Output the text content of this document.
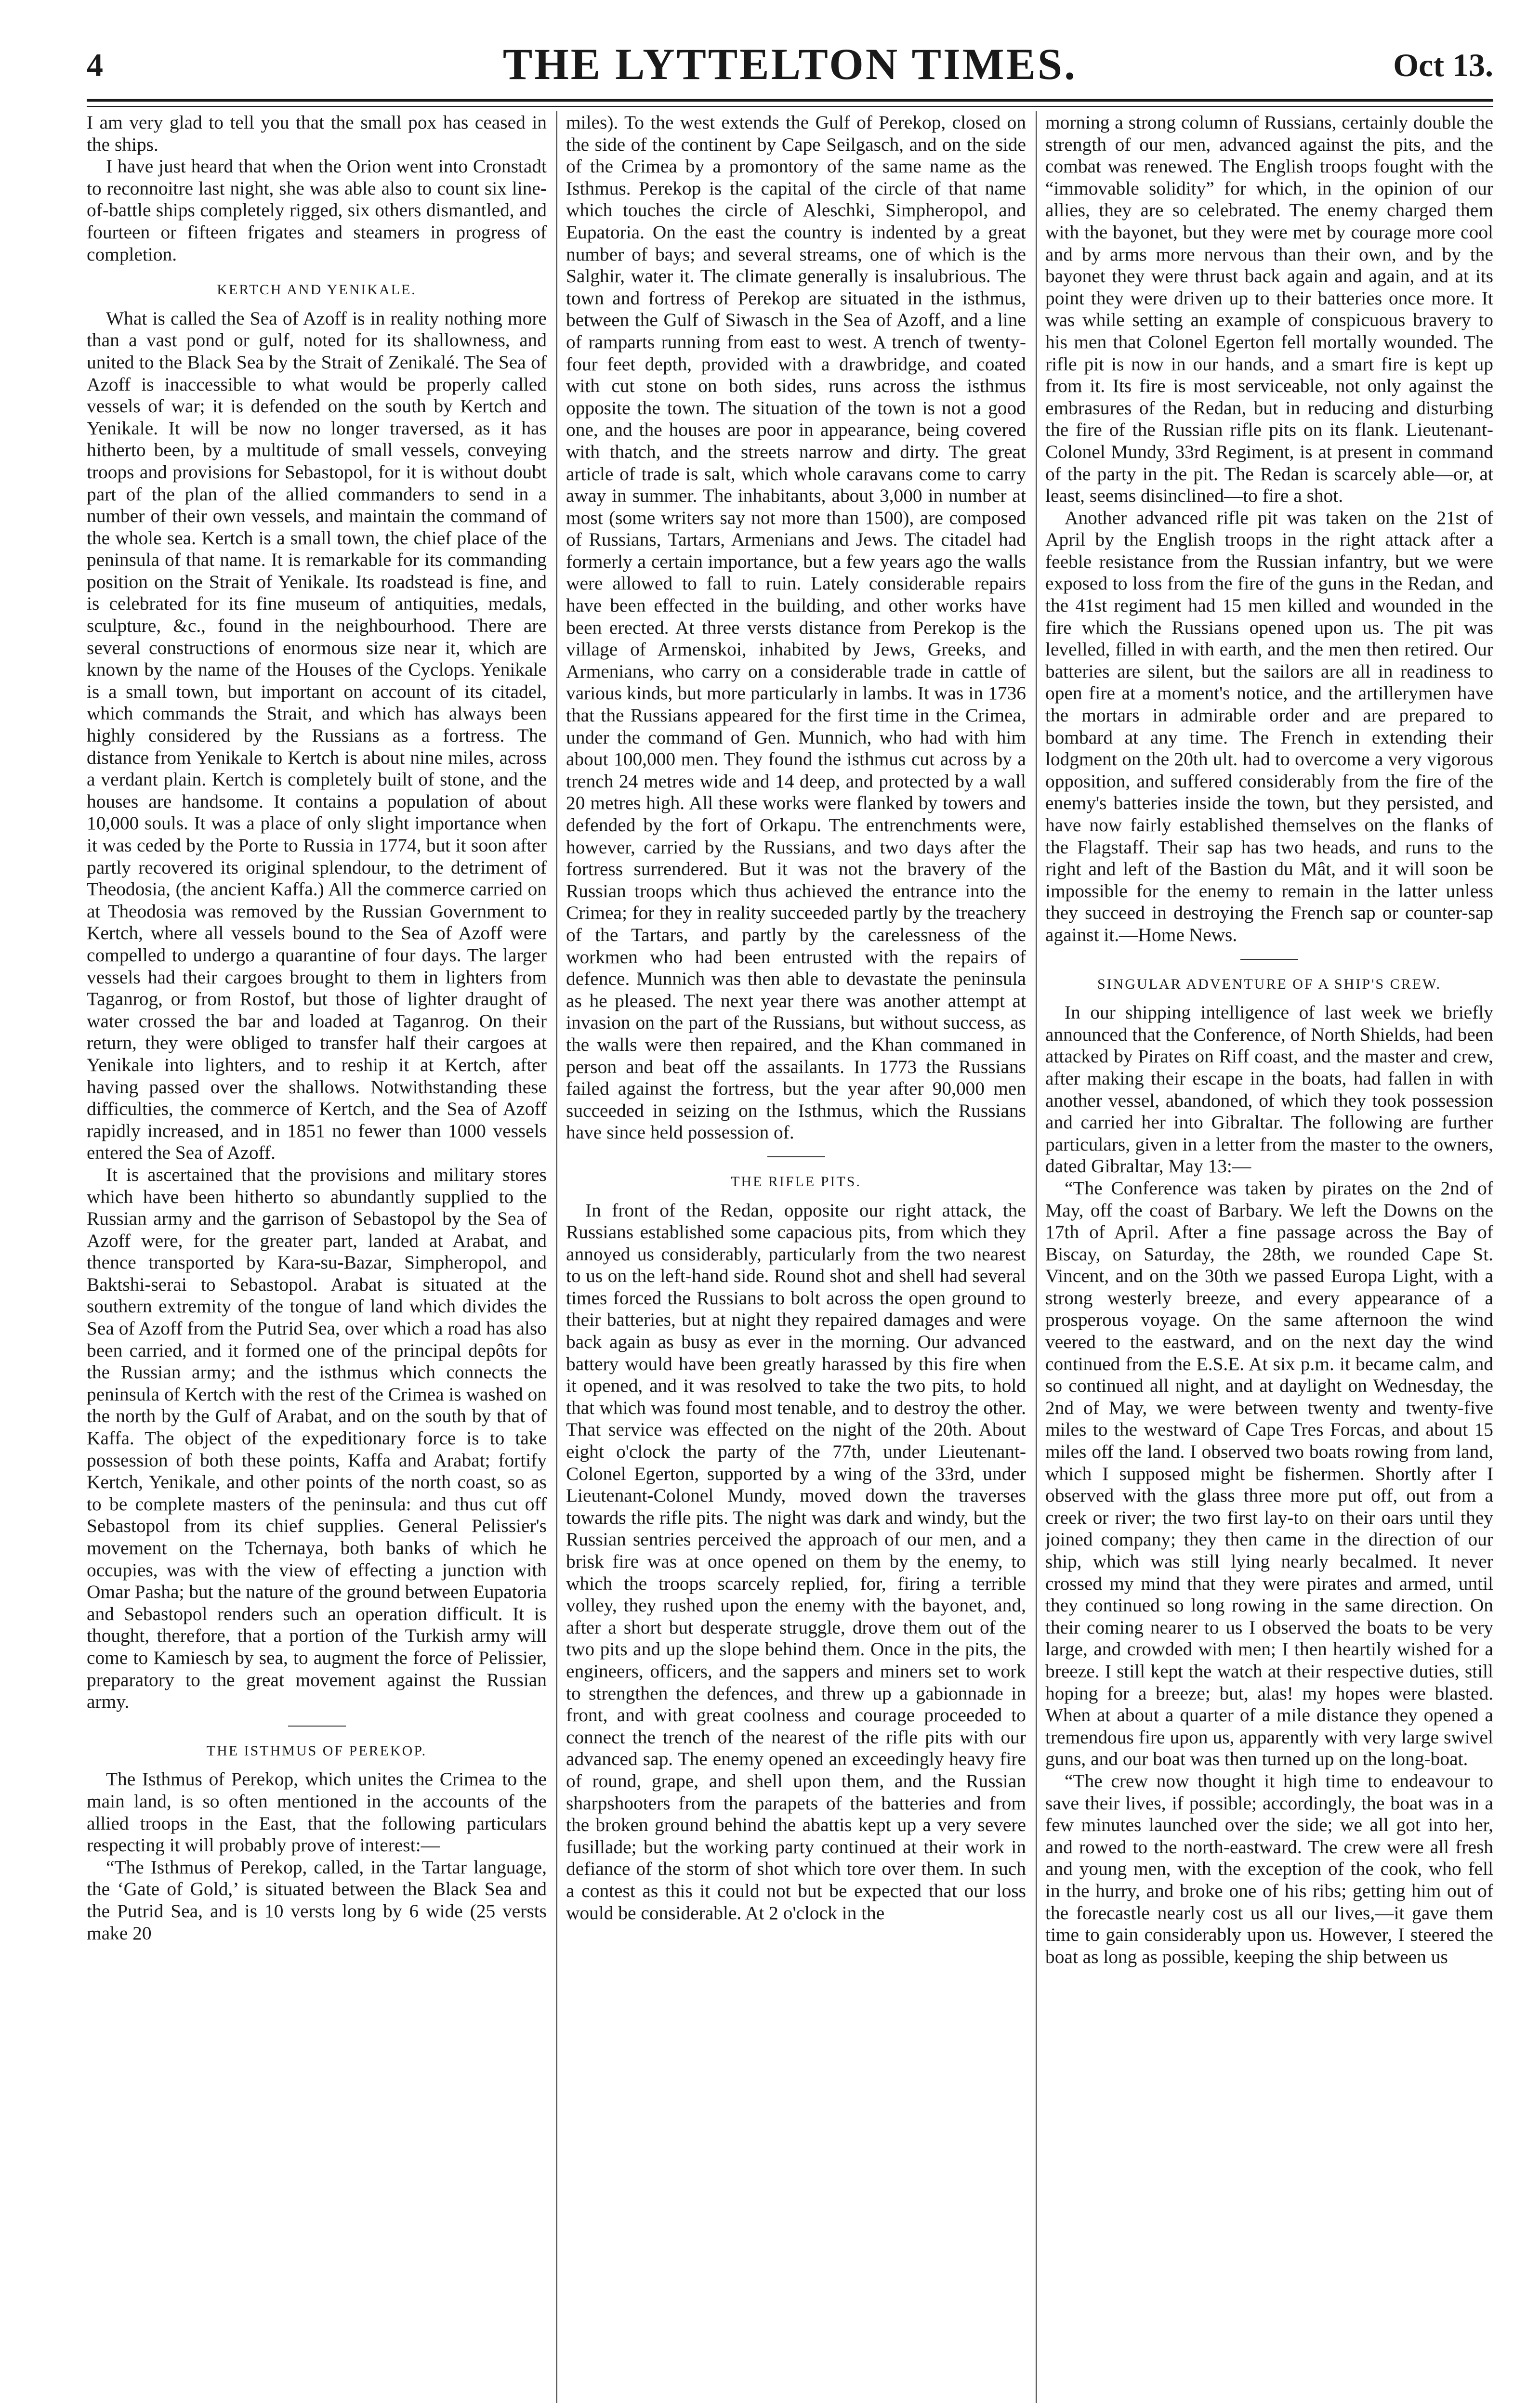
4	THE LYTTELTON TIMES.	Oct 13.

I am very glad to tell you that the small pox has ceased in the ships.

I have just heard that when the Orion went into Cronstadt to reconnoitre last night, she was able also to count six line-of-battle ships completely rigged, six others dismantled, and fourteen or fifteen frigates and steamers in progress of completion.

KERTCH AND YENIKALE.

What is called the Sea of Azoff is in reality nothing more than a vast pond or gulf, noted for its shallowness, and united to the Black Sea by the Strait of Zenikalé. The Sea of Azoff is inaccessible to what would be properly called vessels of war; it is defended on the south by Kertch and Yenikale. It will be now no longer traversed, as it has hitherto been, by a multitude of small vessels, conveying troops and provisions for Sebastopol, for it is without doubt part of the plan of the allied commanders to send in a number of their own vessels, and maintain the command of the whole sea. Kertch is a small town, the chief place of the peninsula of that name. It is remarkable for its commanding position on the Strait of Yenikale. Its roadstead is fine, and is celebrated for its fine museum of antiquities, medals, sculpture, &c., found in the neighbourhood. There are several constructions of enormous size near it, which are known by the name of the Houses of the Cyclops. Yenikale is a small town, but important on account of its citadel, which commands the Strait, and which has always been highly considered by the Russians as a fortress. The distance from Yenikale to Kertch is about nine miles, across a verdant plain. Kertch is completely built of stone, and the houses are handsome. It contains a population of about 10,000 souls. It was a place of only slight importance when it was ceded by the Porte to Russia in 1774, but it soon after partly recovered its original splendour, to the detriment of Theodosia, (the ancient Kaffa.) All the commerce carried on at Theodosia was removed by the Russian Government to Kertch, where all vessels bound to the Sea of Azoff were compelled to undergo a quarantine of four days. The larger vessels had their cargoes brought to them in lighters from Taganrog, or from Rostof, but those of lighter draught of water crossed the bar and loaded at Taganrog. On their return, they were obliged to transfer half their cargoes at Yenikale into lighters, and to reship it at Kertch, after having passed over the shallows. Notwithstanding these difficulties, the commerce of Kertch, and the Sea of Azoff rapidly increased, and in 1851 no fewer than 1000 vessels entered the Sea of Azoff.

It is ascertained that the provisions and military stores which have been hitherto so abundantly supplied to the Russian army and the garrison of Sebastopol by the Sea of Azoff were, for the greater part, landed at Arabat, and thence transported by Kara-su-Bazar, Simpheropol, and Baktshi-serai to Sebastopol. Arabat is situated at the southern extremity of the tongue of land which divides the Sea of Azoff from the Putrid Sea, over which a road has also been carried, and it formed one of the principal depôts for the Russian army; and the isthmus which connects the peninsula of Kertch with the rest of the Crimea is washed on the north by the Gulf of Arabat, and on the south by that of Kaffa. The object of the expeditionary force is to take possession of both these points, Kaffa and Arabat; fortify Kertch, Yenikale, and other points of the north coast, so as to be complete masters of the peninsula: and thus cut off Sebastopol from its chief supplies. General Pelissier's movement on the Tchernaya, both banks of which he occupies, was with the view of effecting a junction with Omar Pasha; but the nature of the ground between Eupatoria and Sebastopol renders such an operation difficult. It is thought, therefore, that a portion of the Turkish army will come to Kamiesch by sea, to augment the force of Pelissier, preparatory to the great movement against the Russian army.

THE ISTHMUS OF PEREKOP.

The Isthmus of Perekop, which unites the Crimea to the main land, is so often mentioned in the accounts of the allied troops in the East, that the following particulars respecting it will probably prove of interest:—

“The Isthmus of Perekop, called, in the Tartar language, the ‘Gate of Gold,’ is situated between the Black Sea and the Putrid Sea, and is 10 versts long by 6 wide (25 versts make 20

miles). To the west extends the Gulf of Perekop, closed on the side of the continent by Cape Seilgasch, and on the side of the Crimea by a promontory of the same name as the Isthmus. Perekop is the capital of the circle of that name which touches the circle of Aleschki, Simpheropol, and Eupatoria. On the east the country is indented by a great number of bays; and several streams, one of which is the Salghir, water it. The climate generally is insalubrious. The town and fortress of Perekop are situated in the isthmus, between the Gulf of Siwasch in the Sea of Azoff, and a line of ramparts running from east to west. A trench of twenty-four feet depth, provided with a drawbridge, and coated with cut stone on both sides, runs across the isthmus opposite the town. The situation of the town is not a good one, and the houses are poor in appearance, being covered with thatch, and the streets narrow and dirty. The great article of trade is salt, which whole caravans come to carry away in summer. The inhabitants, about 3,000 in number at most (some writers say not more than 1500), are composed of Russians, Tartars, Armenians and Jews. The citadel had formerly a certain importance, but a few years ago the walls were allowed to fall to ruin. Lately considerable repairs have been effected in the building, and other works have been erected. At three versts distance from Perekop is the village of Armenskoi, inhabited by Jews, Greeks, and Armenians, who carry on a considerable trade in cattle of various kinds, but more particularly in lambs. It was in 1736 that the Russians appeared for the first time in the Crimea, under the command of Gen. Munnich, who had with him about 100,000 men. They found the isthmus cut across by a trench 24 metres wide and 14 deep, and protected by a wall 20 metres high. All these works were flanked by towers and defended by the fort of Orkapu. The entrenchments were, however, carried by the Russians, and two days after the fortress surrendered. But it was not the bravery of the Russian troops which thus achieved the entrance into the Crimea; for they in reality succeeded partly by the treachery of the Tartars, and partly by the carelessness of the workmen who had been entrusted with the repairs of defence. Munnich was then able to devastate the peninsula as he pleased. The next year there was another attempt at invasion on the part of the Russians, but without success, as the walls were then repaired, and the Khan commaned in person and beat off the assailants. In 1773 the Russians failed against the fortress, but the year after 90,000 men succeeded in seizing on the Isthmus, which the Russians have since held possession of.

THE RIFLE PITS.

In front of the Redan, opposite our right attack, the Russians established some capacious pits, from which they annoyed us considerably, particularly from the two nearest to us on the left-hand side. Round shot and shell had several times forced the Russians to bolt across the open ground to their batteries, but at night they repaired damages and were back again as busy as ever in the morning. Our advanced battery would have been greatly harassed by this fire when it opened, and it was resolved to take the two pits, to hold that which was found most tenable, and to destroy the other. That service was effected on the night of the 20th. About eight o'clock the party of the 77th, under Lieutenant-Colonel Egerton, supported by a wing of the 33rd, under Lieutenant-Colonel Mundy, moved down the traverses towards the rifle pits. The night was dark and windy, but the Russian sentries perceived the approach of our men, and a brisk fire was at once opened on them by the enemy, to which the troops scarcely replied, for, firing a terrible volley, they rushed upon the enemy with the bayonet, and, after a short but desperate struggle, drove them out of the two pits and up the slope behind them. Once in the pits, the engineers, officers, and the sappers and miners set to work to strengthen the defences, and threw up a gabionnade in front, and with great coolness and courage proceeded to connect the trench of the nearest of the rifle pits with our advanced sap. The enemy opened an exceedingly heavy fire of round, grape, and shell upon them, and the Russian sharpshooters from the parapets of the batteries and from the broken ground behind the abattis kept up a very severe fusillade; but the working party continued at their work in defiance of the storm of shot which tore over them. In such a contest as this it could not but be expected that our loss would be considerable. At 2 o'clock in the

morning a strong column of Russians, certainly double the strength of our men, advanced against the pits, and the combat was renewed. The English troops fought with the “immovable solidity” for which, in the opinion of our allies, they are so celebrated. The enemy charged them with the bayonet, but they were met by courage more cool and by arms more nervous than their own, and by the bayonet they were thrust back again and again, and at its point they were driven up to their batteries once more. It was while setting an example of conspicuous bravery to his men that Colonel Egerton fell mortally wounded. The rifle pit is now in our hands, and a smart fire is kept up from it. Its fire is most serviceable, not only against the embrasures of the Redan, but in reducing and disturbing the fire of the Russian rifle pits on its flank. Lieutenant-Colonel Mundy, 33rd Regiment, is at present in command of the party in the pit. The Redan is scarcely able—or, at least, seems disinclined—to fire a shot.

Another advanced rifle pit was taken on the 21st of April by the English troops in the right attack after a feeble resistance from the Russian infantry, but we were exposed to loss from the fire of the guns in the Redan, and the 41st regiment had 15 men killed and wounded in the fire which the Russians opened upon us. The pit was levelled, filled in with earth, and the men then retired. Our batteries are silent, but the sailors are all in readiness to open fire at a moment's notice, and the artillerymen have the mortars in admirable order and are prepared to bombard at any time. The French in extending their lodgment on the 20th ult. had to overcome a very vigorous opposition, and suffered considerably from the fire of the enemy's batteries inside the town, but they persisted, and have now fairly established themselves on the flanks of the Flagstaff. Their sap has two heads, and runs to the right and left of the Bastion du Mât, and it will soon be impossible for the enemy to remain in the latter unless they succeed in destroying the French sap or counter-sap against it.—Home News.

SINGULAR ADVENTURE OF A SHIP'S CREW.

In our shipping intelligence of last week we briefly announced that the Conference, of North Shields, had been attacked by Pirates on Riff coast, and the master and crew, after making their escape in the boats, had fallen in with another vessel, abandoned, of which they took possession and carried her into Gibraltar. The following are further particulars, given in a letter from the master to the owners, dated Gibraltar, May 13:—

“The Conference was taken by pirates on the 2nd of May, off the coast of Barbary. We left the Downs on the 17th of April. After a fine passage across the Bay of Biscay, on Saturday, the 28th, we rounded Cape St. Vincent, and on the 30th we passed Europa Light, with a strong westerly breeze, and every appearance of a prosperous voyage. On the same afternoon the wind veered to the eastward, and on the next day the wind continued from the E.S.E. At six p.m. it became calm, and so continued all night, and at daylight on Wednesday, the 2nd of May, we were between twenty and twenty-five miles to the westward of Cape Tres Forcas, and about 15 miles off the land. I observed two boats rowing from land, which I supposed might be fishermen. Shortly after I observed with the glass three more put off, out from a creek or river; the two first lay-to on their oars until they joined company; they then came in the direction of our ship, which was still lying nearly becalmed. It never crossed my mind that they were pirates and armed, until they continued so long rowing in the same direction. On their coming nearer to us I observed the boats to be very large, and crowded with men; I then heartily wished for a breeze. I still kept the watch at their respective duties, still hoping for a breeze; but, alas! my hopes were blasted. When at about a quarter of a mile distance they opened a tremendous fire upon us, apparently with very large swivel guns, and our boat was then turned up on the long-boat.

“The crew now thought it high time to endeavour to save their lives, if possible; accordingly, the boat was in a few minutes launched over the side; we all got into her, and rowed to the north-eastward. The crew were all fresh and young men, with the exception of the cook, who fell in the hurry, and broke one of his ribs; getting him out of the forecastle nearly cost us all our lives,—it gave them time to gain considerably upon us. However, I steered the boat as long as possible, keeping the ship between us
